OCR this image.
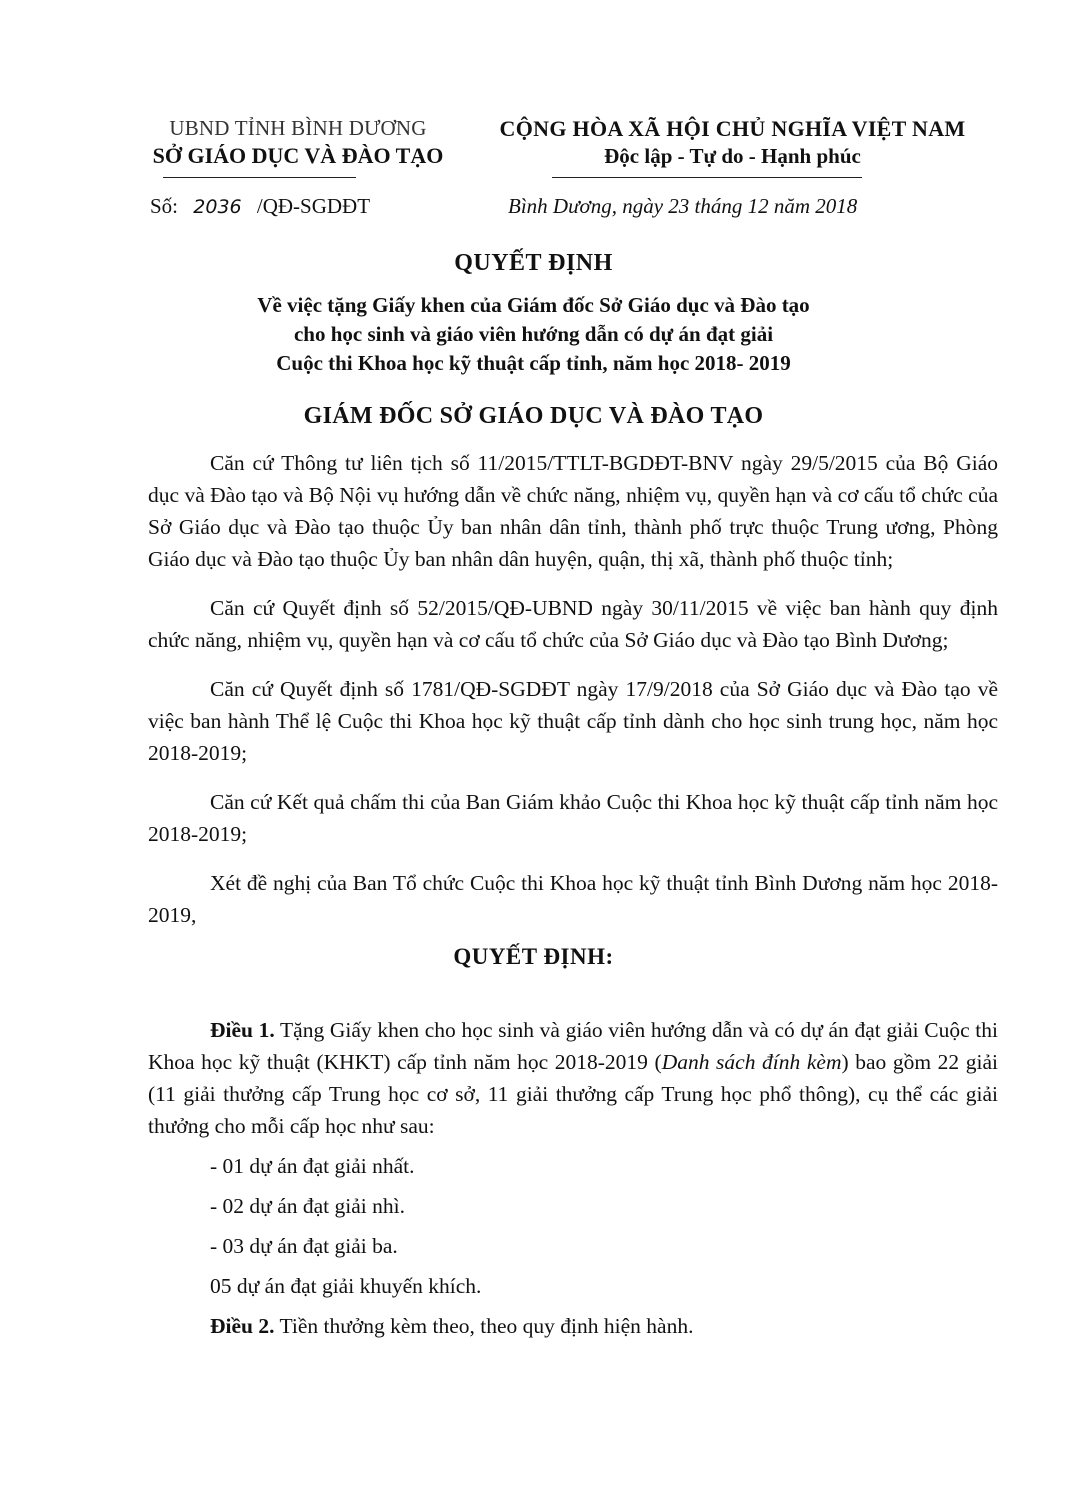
UBND TỈNH BÌNH DƯƠNG
SỞ GIÁO DỤC VÀ ĐÀO TẠO
CỘNG HÒA XÃ HỘI CHỦ NGHĨA VIỆT NAM
Độc lập - Tự do - Hạnh phúc
Số: 2036 /QĐ-SGDĐT	Bình Dương, ngày 23 tháng 12 năm 2018
QUYẾT ĐỊNH
Về việc tặng Giấy khen của Giám đốc Sở Giáo dục và Đào tạo
cho học sinh và giáo viên hướng dẫn có dự án đạt giải
Cuộc thi Khoa học kỹ thuật cấp tỉnh, năm học 2018- 2019
GIÁM ĐỐC SỞ GIÁO DỤC VÀ ĐÀO TẠO

Căn cứ Thông tư liên tịch số 11/2015/TTLT-BGDĐT-BNV ngày 29/5/2015 của Bộ Giáo dục và Đào tạo và Bộ Nội vụ hướng dẫn về chức năng, nhiệm vụ, quyền hạn và cơ cấu tổ chức của Sở Giáo dục và Đào tạo thuộc Ủy ban nhân dân tỉnh, thành phố trực thuộc Trung ương, Phòng Giáo dục và Đào tạo thuộc Ủy ban nhân dân huyện, quận, thị xã, thành phố thuộc tỉnh;

Căn cứ Quyết định số 52/2015/QĐ-UBND ngày 30/11/2015 về việc ban hành quy định chức năng, nhiệm vụ, quyền hạn và cơ cấu tổ chức của Sở Giáo dục và Đào tạo Bình Dương;

Căn cứ Quyết định số 1781/QĐ-SGDĐT ngày 17/9/2018 của Sở Giáo dục và Đào tạo về việc ban hành Thể lệ Cuộc thi Khoa học kỹ thuật cấp tỉnh dành cho học sinh trung học, năm học 2018-2019;

Căn cứ Kết quả chấm thi của Ban Giám khảo Cuộc thi Khoa học kỹ thuật cấp tỉnh năm học 2018-2019;

Xét đề nghị của Ban Tổ chức Cuộc thi Khoa học kỹ thuật tỉnh Bình Dương năm học 2018-2019,

QUYẾT ĐỊNH:

Điều 1. Tặng Giấy khen cho học sinh và giáo viên hướng dẫn và có dự án đạt giải Cuộc thi Khoa học kỹ thuật (KHKT) cấp tỉnh năm học 2018-2019 (Danh sách đính kèm) bao gồm 22 giải (11 giải thưởng cấp Trung học cơ sở, 11 giải thưởng cấp Trung học phổ thông), cụ thể các giải thưởng cho mỗi cấp học như sau:

- 01 dự án đạt giải nhất.

- 02 dự án đạt giải nhì.

- 03 dự án đạt giải ba.

05 dự án đạt giải khuyến khích.

Điều 2. Tiền thưởng kèm theo, theo quy định hiện hành.
